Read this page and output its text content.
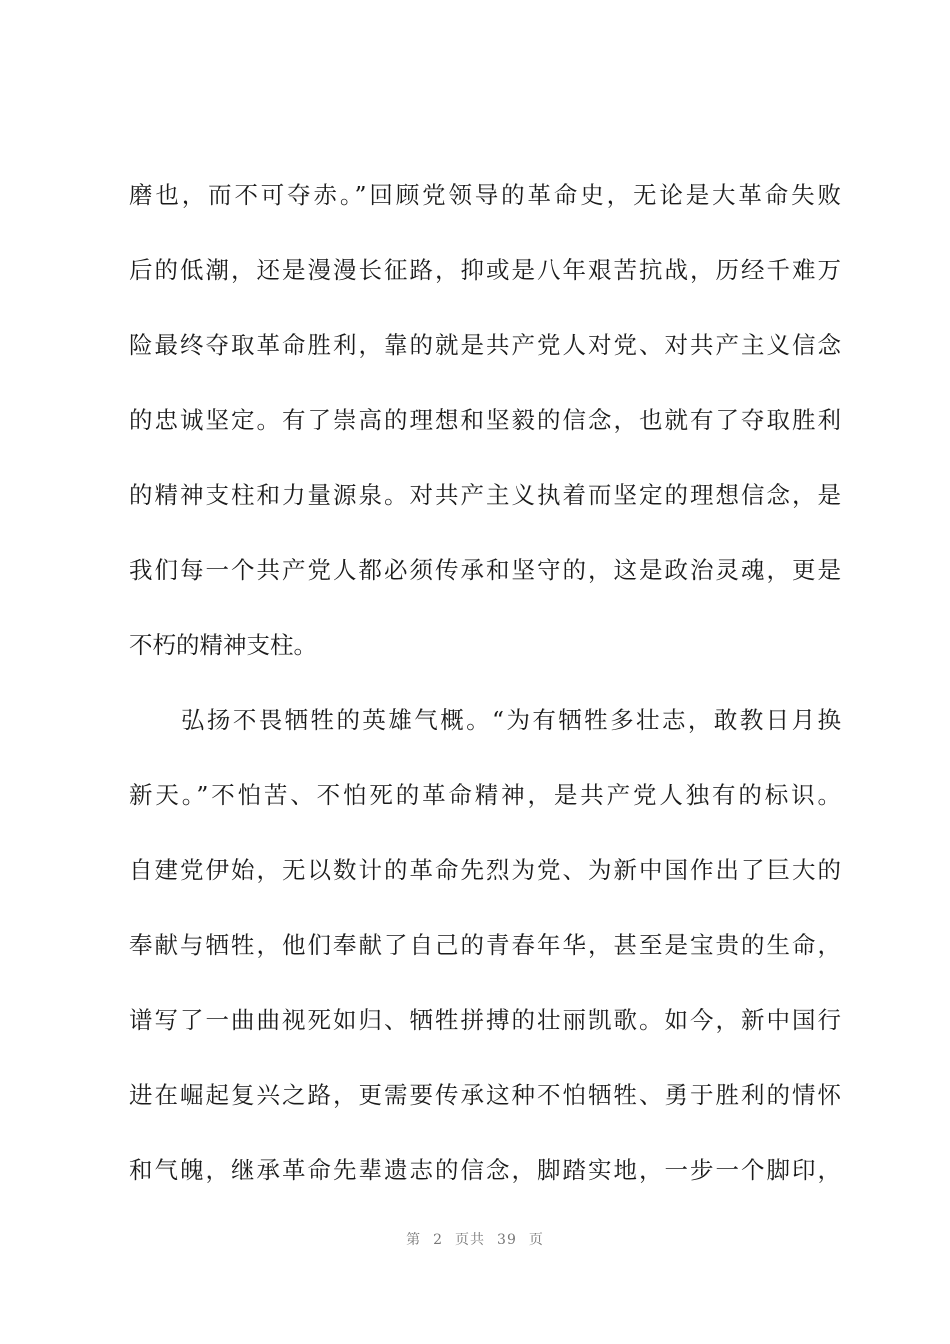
磨也，而不可夺赤。”回顾党领导的革命史，无论是大革命失败
后的低潮，还是漫漫长征路，抑或是八年艰苦抗战，历经千难万
险最终夺取革命胜利，靠的就是共产党人对党、对共产主义信念
的忠诚坚定。有了崇高的理想和坚毅的信念，也就有了夺取胜利
的精神支柱和力量源泉。对共产主义执着而坚定的理想信念，是
我们每一个共产党人都必须传承和坚守的，这是政治灵魂，更是
不朽的精神支柱。
弘扬不畏牺牲的英雄气概。“为有牺牲多壮志，敢教日月换
新天。”不怕苦、不怕死的革命精神，是共产党人独有的标识。
自建党伊始，无以数计的革命先烈为党、为新中国作出了巨大的
奉献与牺牲，他们奉献了自己的青春年华，甚至是宝贵的生命，
谱写了一曲曲视死如归、牺牲拼搏的壮丽凯歌。如今，新中国行
进在崛起复兴之路，更需要传承这种不怕牺牲、勇于胜利的情怀
和气魄，继承革命先辈遗志的信念，脚踏实地，一步一个脚印，
第 2 页共 39 页
